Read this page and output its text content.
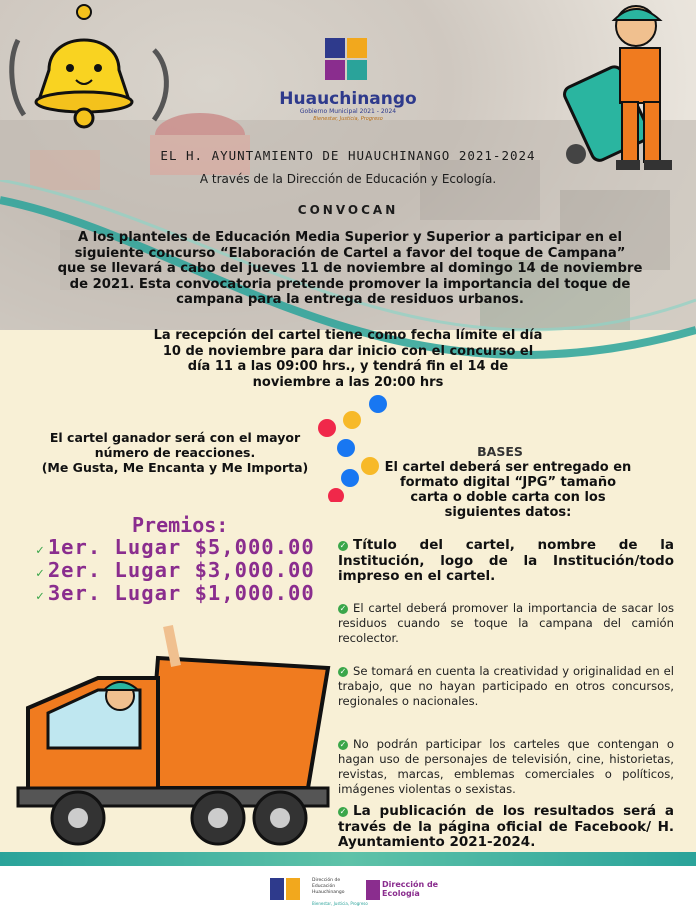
Huauchinango
Gobierno Municipal 2021 - 2024
Bienestar, Justicia, Progreso
EL H. AYUNTAMIENTO DE HUAUCHINANGO 2021-2024
A través de la Dirección de Educación y Ecología.
CONVOCAN
A los planteles de Educación Media Superior y Superior a participar en el
siguiente concurso “Elaboración de Cartel a favor del toque de Campana”
que se llevará a cabo del jueves 11 de noviembre al domingo 14 de noviembre
de 2021. Esta convocatoria pretende promover la importancia del toque de
campana para la entrega de residuos urbanos.
La recepción del cartel tiene como fecha límite el día
10 de noviembre para dar inicio con el concurso el
día 11 a las 09:00 hrs., y tendrá fin el 14 de
noviembre a las 20:00 hrs
El cartel ganador será con el mayor
número de reacciones.
(Me Gusta, Me Encanta y Me Importa)
Premios:
✓ 1er. Lugar $5,000.00
✓ 2er. Lugar $3,000.00
✓ 3er. Lugar $1,000.00
BASES
El cartel deberá ser entregado en
formato digital “JPG” tamaño
carta o doble carta con los
siguientes datos:
✓ Título del cartel, nombre de la Institución, logo de la Institución/todo impreso en el cartel.
✓ El cartel deberá promover la importancia de sacar los residuos cuando se toque la campana del camión recolector.
✓ Se tomará en cuenta la creatividad y originalidad en el trabajo, que no hayan participado en otros concursos, regionales o nacionales.
✓ No podrán participar los carteles que contengan o hagan uso de personajes de televisión, cine, historietas, revistas, marcas, emblemas comerciales o políticos, imágenes violentas o sexistas.
✓ La publicación de los resultados será a través de la página oficial de Facebook/ H. Ayuntamiento 2021-2024.
Dirección de
Educación
Huauchinango
Bienestar, Justicia, Progreso
Dirección de
Ecología
